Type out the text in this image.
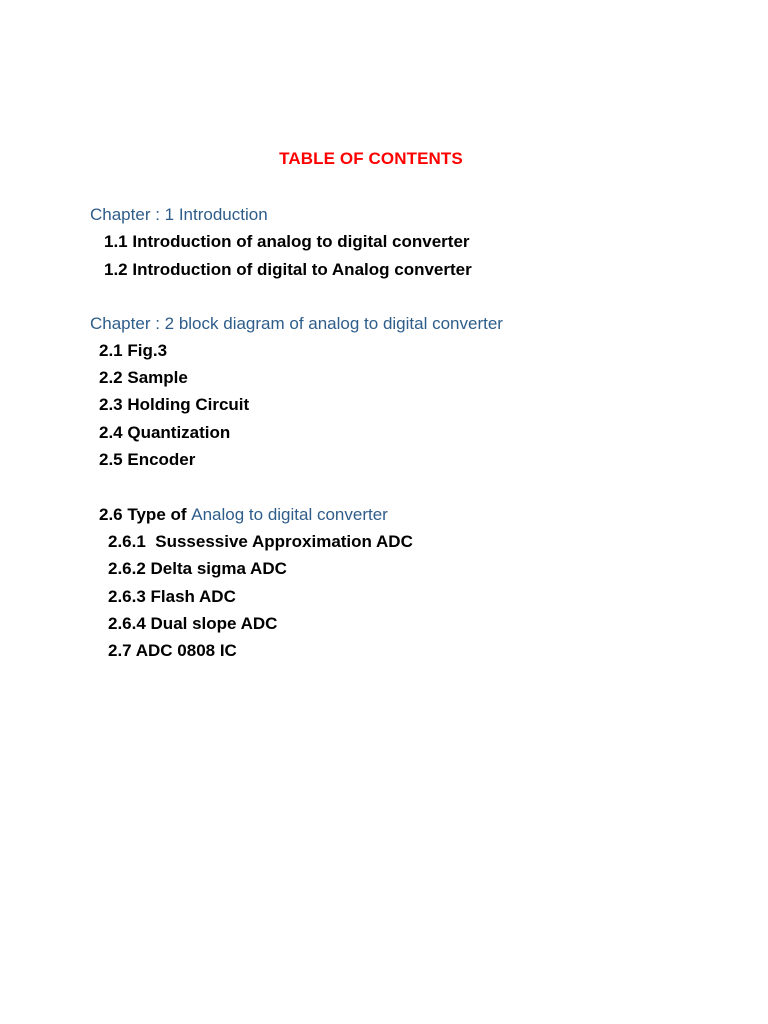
TABLE OF CONTENTS
Chapter : 1 Introduction
1.1 Introduction of analog to digital converter
1.2 Introduction of digital to Analog converter
Chapter : 2 block diagram of analog to digital converter
2.1 Fig.3
2.2 Sample
2.3 Holding Circuit
2.4 Quantization
2.5 Encoder
2.6 Type of Analog to digital converter
2.6.1  Sussessive Approximation ADC
2.6.2 Delta sigma ADC
2.6.3 Flash ADC
2.6.4 Dual slope ADC
2.7 ADC 0808 IC
